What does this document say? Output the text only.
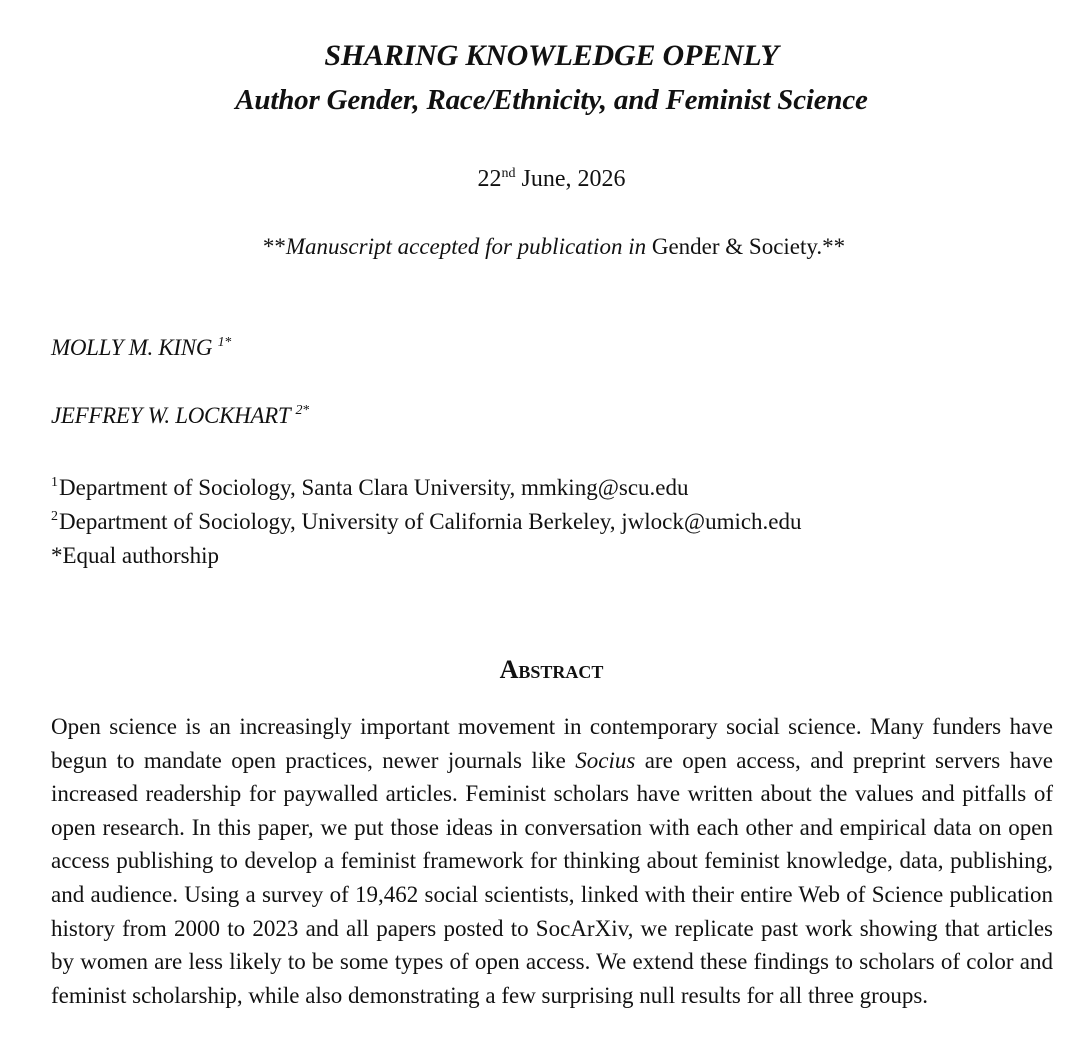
SHARING KNOWLEDGE OPENLY
Author Gender, Race/Ethnicity, and Feminist Science
22nd June, 2026
**Manuscript accepted for publication in Gender & Society.**
MOLLY M. KING $^{1*}$
JEFFREY W. LOCKHART $^{2*}$
$^1$Department of Sociology, Santa Clara University, mmking@scu.edu
$^2$Department of Sociology, University of California Berkeley, jwlock@umich.edu
*Equal authorship
Abstract
Open science is an increasingly important movement in contemporary social science. Many funders have begun to mandate open practices, newer journals like Socius are open access, and preprint servers have increased readership for paywalled articles. Feminist scholars have written about the values and pitfalls of open research. In this paper, we put those ideas in conversation with each other and empirical data on open access publishing to develop a feminist framework for thinking about feminist knowledge, data, publishing, and audience. Using a survey of 19,462 social scientists, linked with their entire Web of Science publication history from 2000 to 2023 and all papers posted to SocArXiv, we replicate past work showing that articles by women are less likely to be some types of open access. We extend these findings to scholars of color and feminist scholarship, while also demonstrating a few surprising null results for all three groups.
